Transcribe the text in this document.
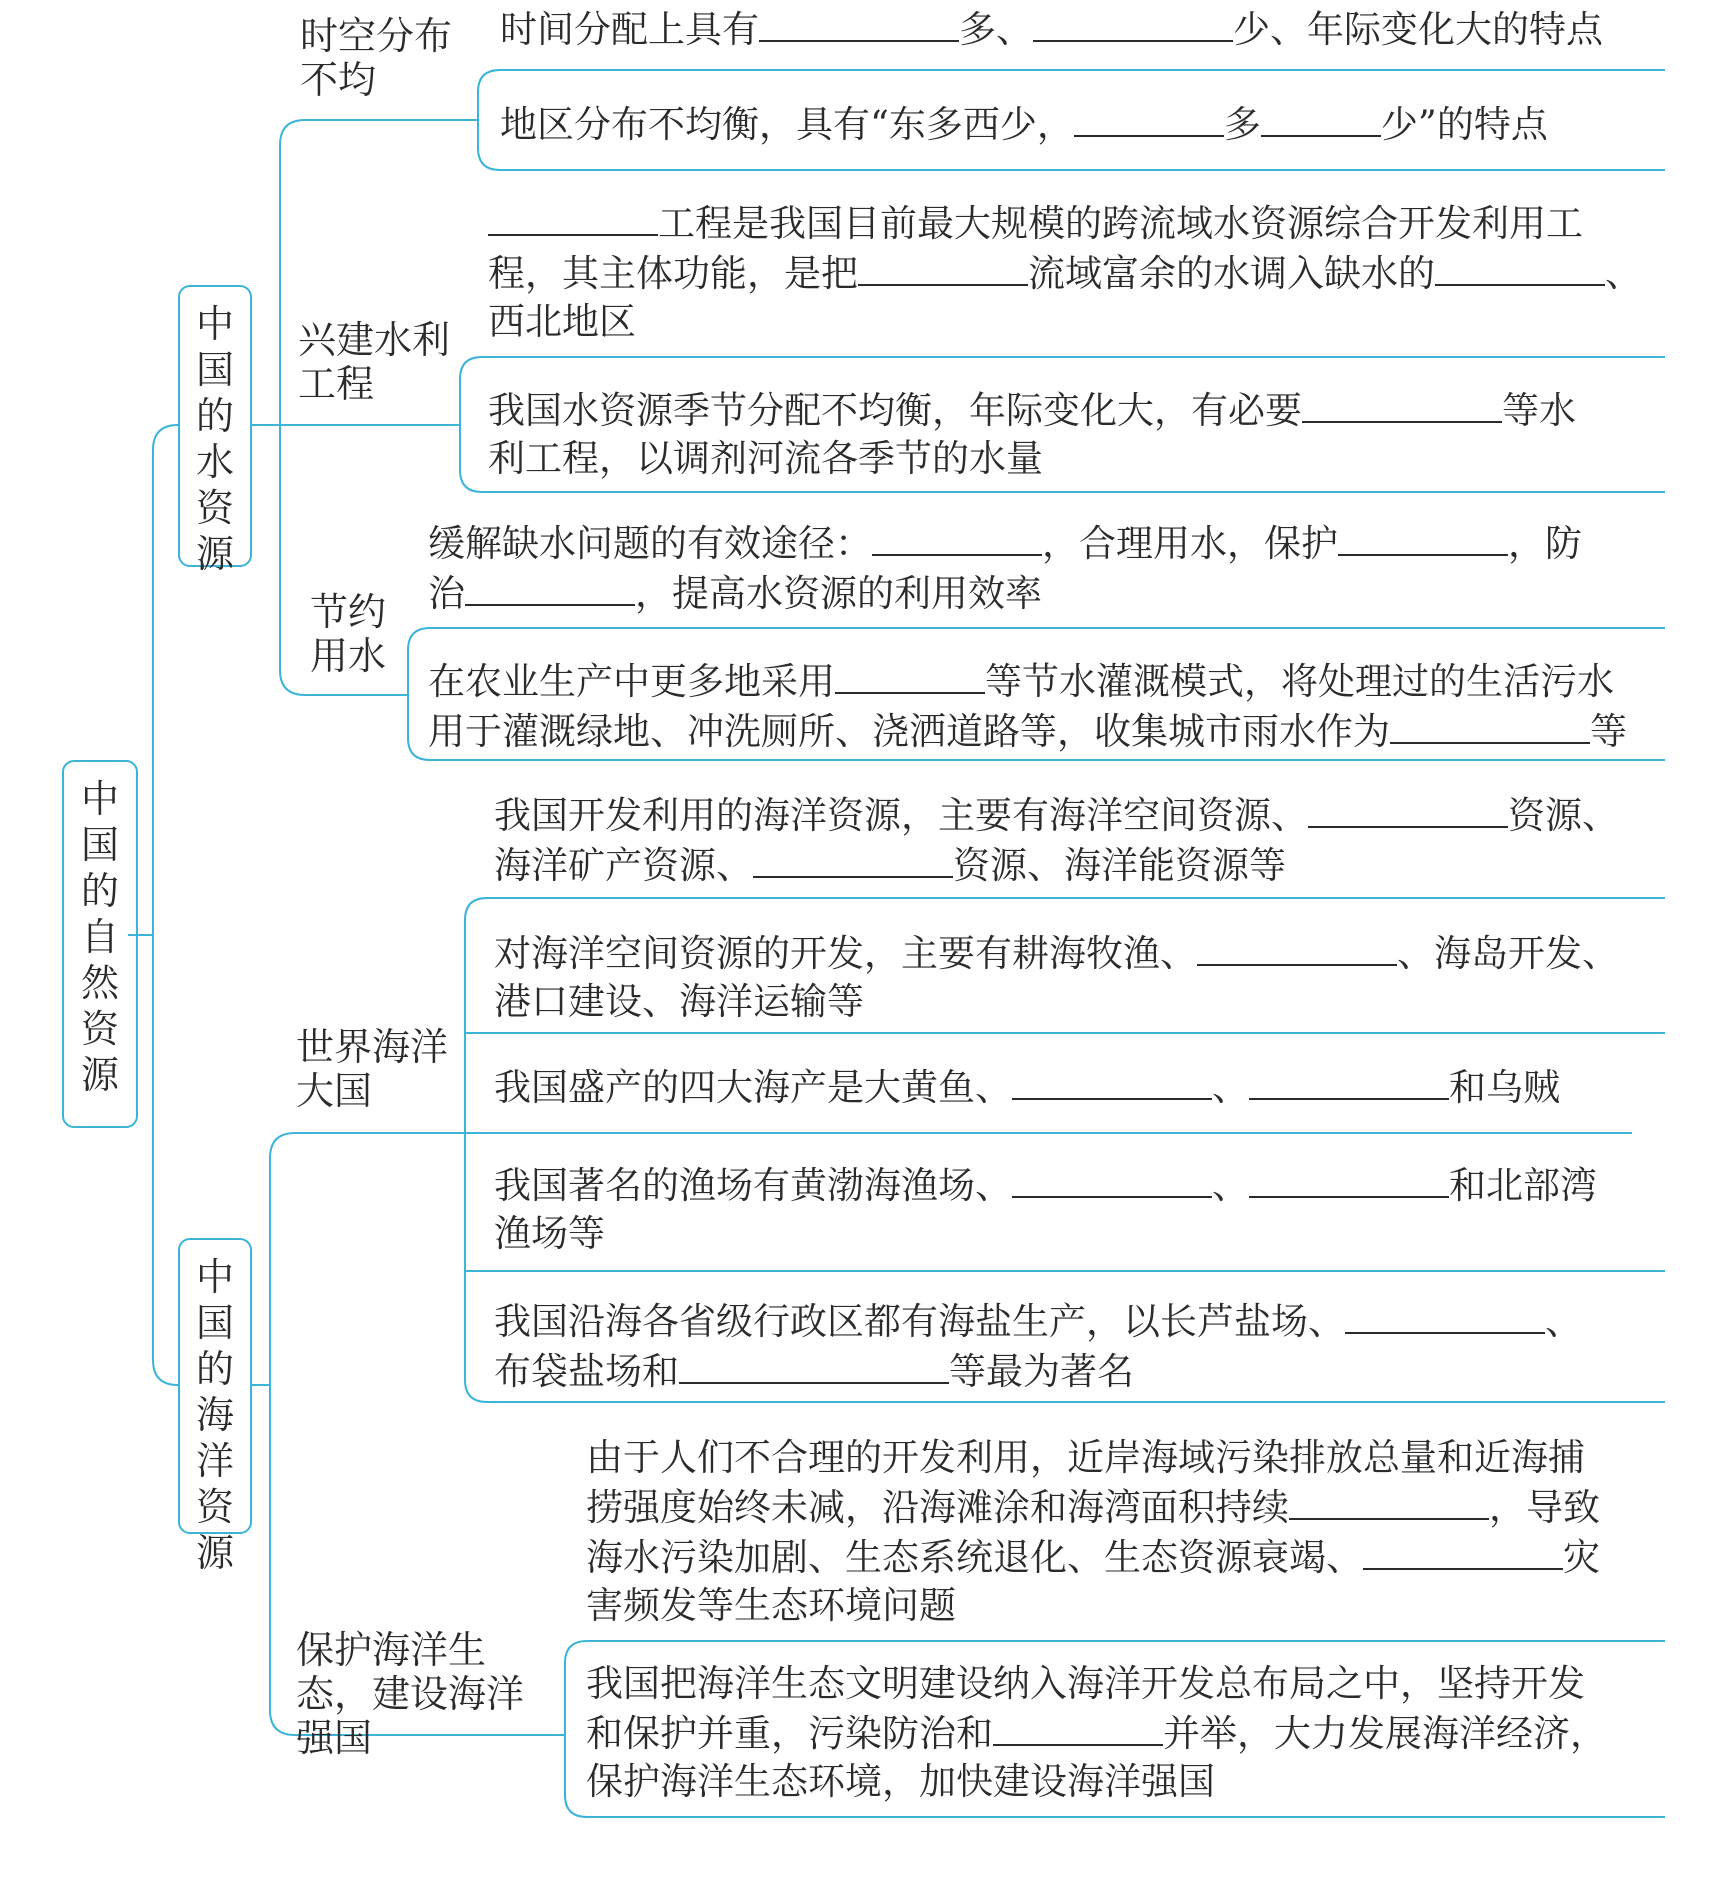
中国的自然资源
中国的水资源
中国的海洋资源
时空分布不均
兴建水利工程
节约用水
时间分配上具有	多、	少、年际变化大的特点
地区分布不均衡，具有“东多西少，	多	少”的特点
工程是我国目前最大规模的跨流域水资源综合开发利用工
程，其主体功能，是把	流域富余的水调入缺水的	、
西北地区
我国水资源季节分配不均衡，年际变化大，有必要	等水
利工程，以调剂河流各季节的水量
缓解缺水问题的有效途径：	，合理用水，保护	，防
治	，提高水资源的利用效率
在农业生产中更多地采用	等节水灌溉模式，将处理过的生活污水
用于灌溉绿地、冲洗厕所、浇洒道路等，收集城市雨水作为	等
世界海洋大国
保护海洋生态，建设海洋强国
我国开发利用的海洋资源，主要有海洋空间资源、	资源、
海洋矿产资源、	资源、海洋能资源等
对海洋空间资源的开发，主要有耕海牧渔、	、海岛开发、
港口建设、海洋运输等
我国盛产的四大海产是大黄鱼、	、	和乌贼
我国著名的渔场有黄渤海渔场、	、	和北部湾
渔场等
我国沿海各省级行政区都有海盐生产，以长芦盐场、	、
布袋盐场和	等最为著名
由于人们不合理的开发利用，近岸海域污染排放总量和近海捕
捞强度始终未减，沿海滩涂和海湾面积持续	，导致
海水污染加剧、生态系统退化、生态资源衰竭、	灾
害频发等生态环境问题
我国把海洋生态文明建设纳入海洋开发总布局之中，坚持开发
和保护并重，污染防治和	并举，大力发展海洋经济，
保护海洋生态环境，加快建设海洋强国
